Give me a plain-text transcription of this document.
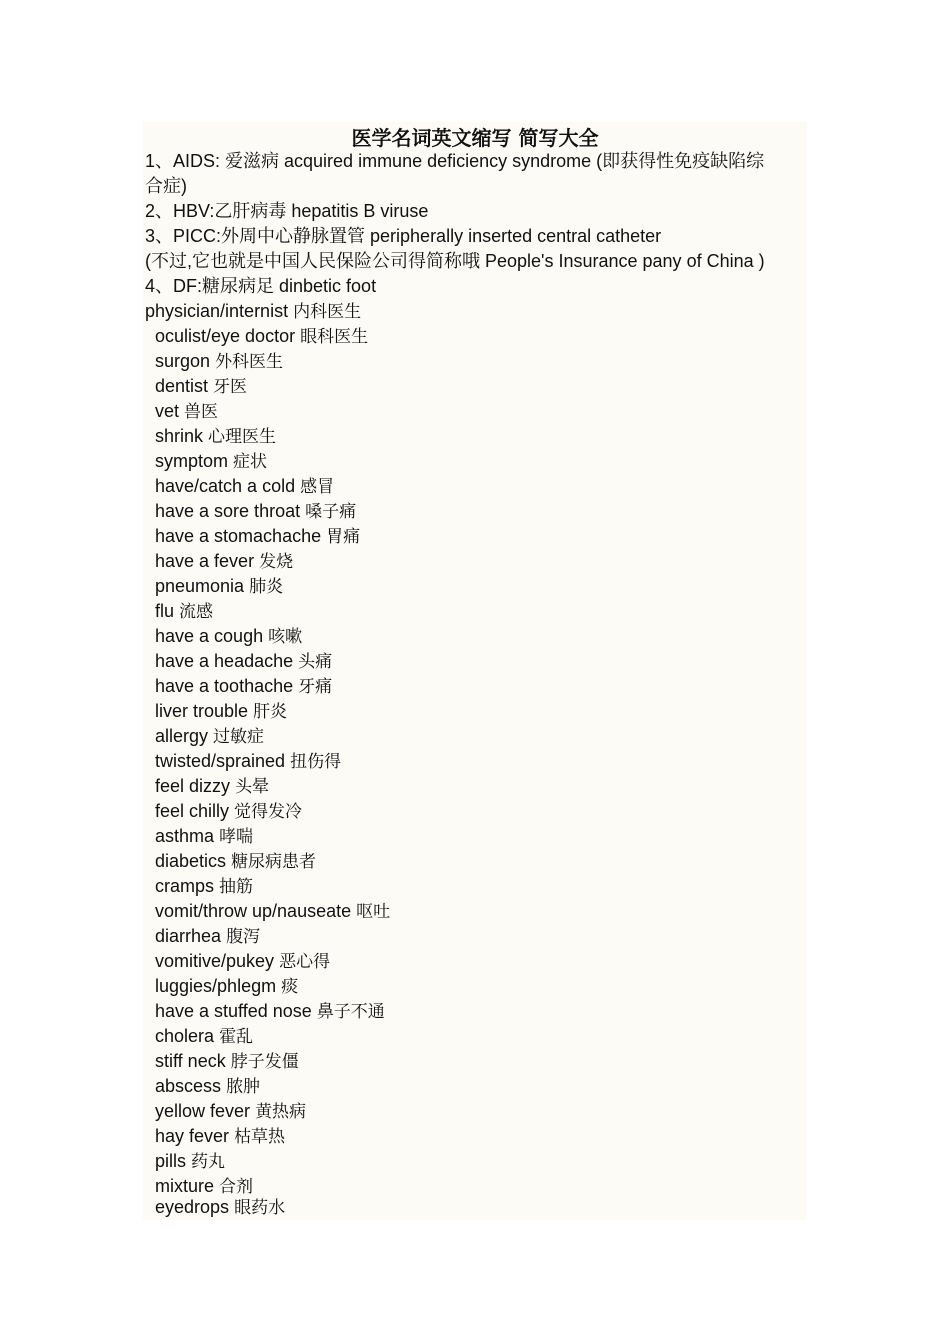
医学名词英文缩写 简写大全
1、AIDS: 爱滋病 acquired immune deficiency syndrome (即获得性免疫缺陷综
合症)
2、HBV:乙肝病毒 hepatitis B viruse
3、PICC:外周中心静脉置管 peripherally inserted central catheter
(不过,它也就是中国人民保险公司得简称哦 People's Insurance pany of China )
4、DF:糖尿病足 dinbetic foot
physician/internist 内科医生
oculist/eye doctor 眼科医生
surgon 外科医生
dentist 牙医
vet 兽医
shrink 心理医生
symptom 症状
have/catch a cold 感冒
have a sore throat 嗓子痛
have a stomachache 胃痛
have a fever 发烧
pneumonia 肺炎
flu 流感
have a cough 咳嗽
have a headache 头痛
have a toothache 牙痛
liver trouble 肝炎
allergy 过敏症
twisted/sprained 扭伤得
feel dizzy 头晕
feel chilly 觉得发冷
asthma 哮喘
diabetics 糖尿病患者
cramps 抽筋
vomit/throw up/nauseate 呕吐
diarrhea 腹泻
vomitive/pukey 恶心得
luggies/phlegm 痰
have a stuffed nose 鼻子不通
cholera 霍乱
stiff neck 脖子发僵
abscess 脓肿
yellow fever 黄热病
hay fever 枯草热
pills 药丸
mixture 合剂
eyedrops 眼药水
